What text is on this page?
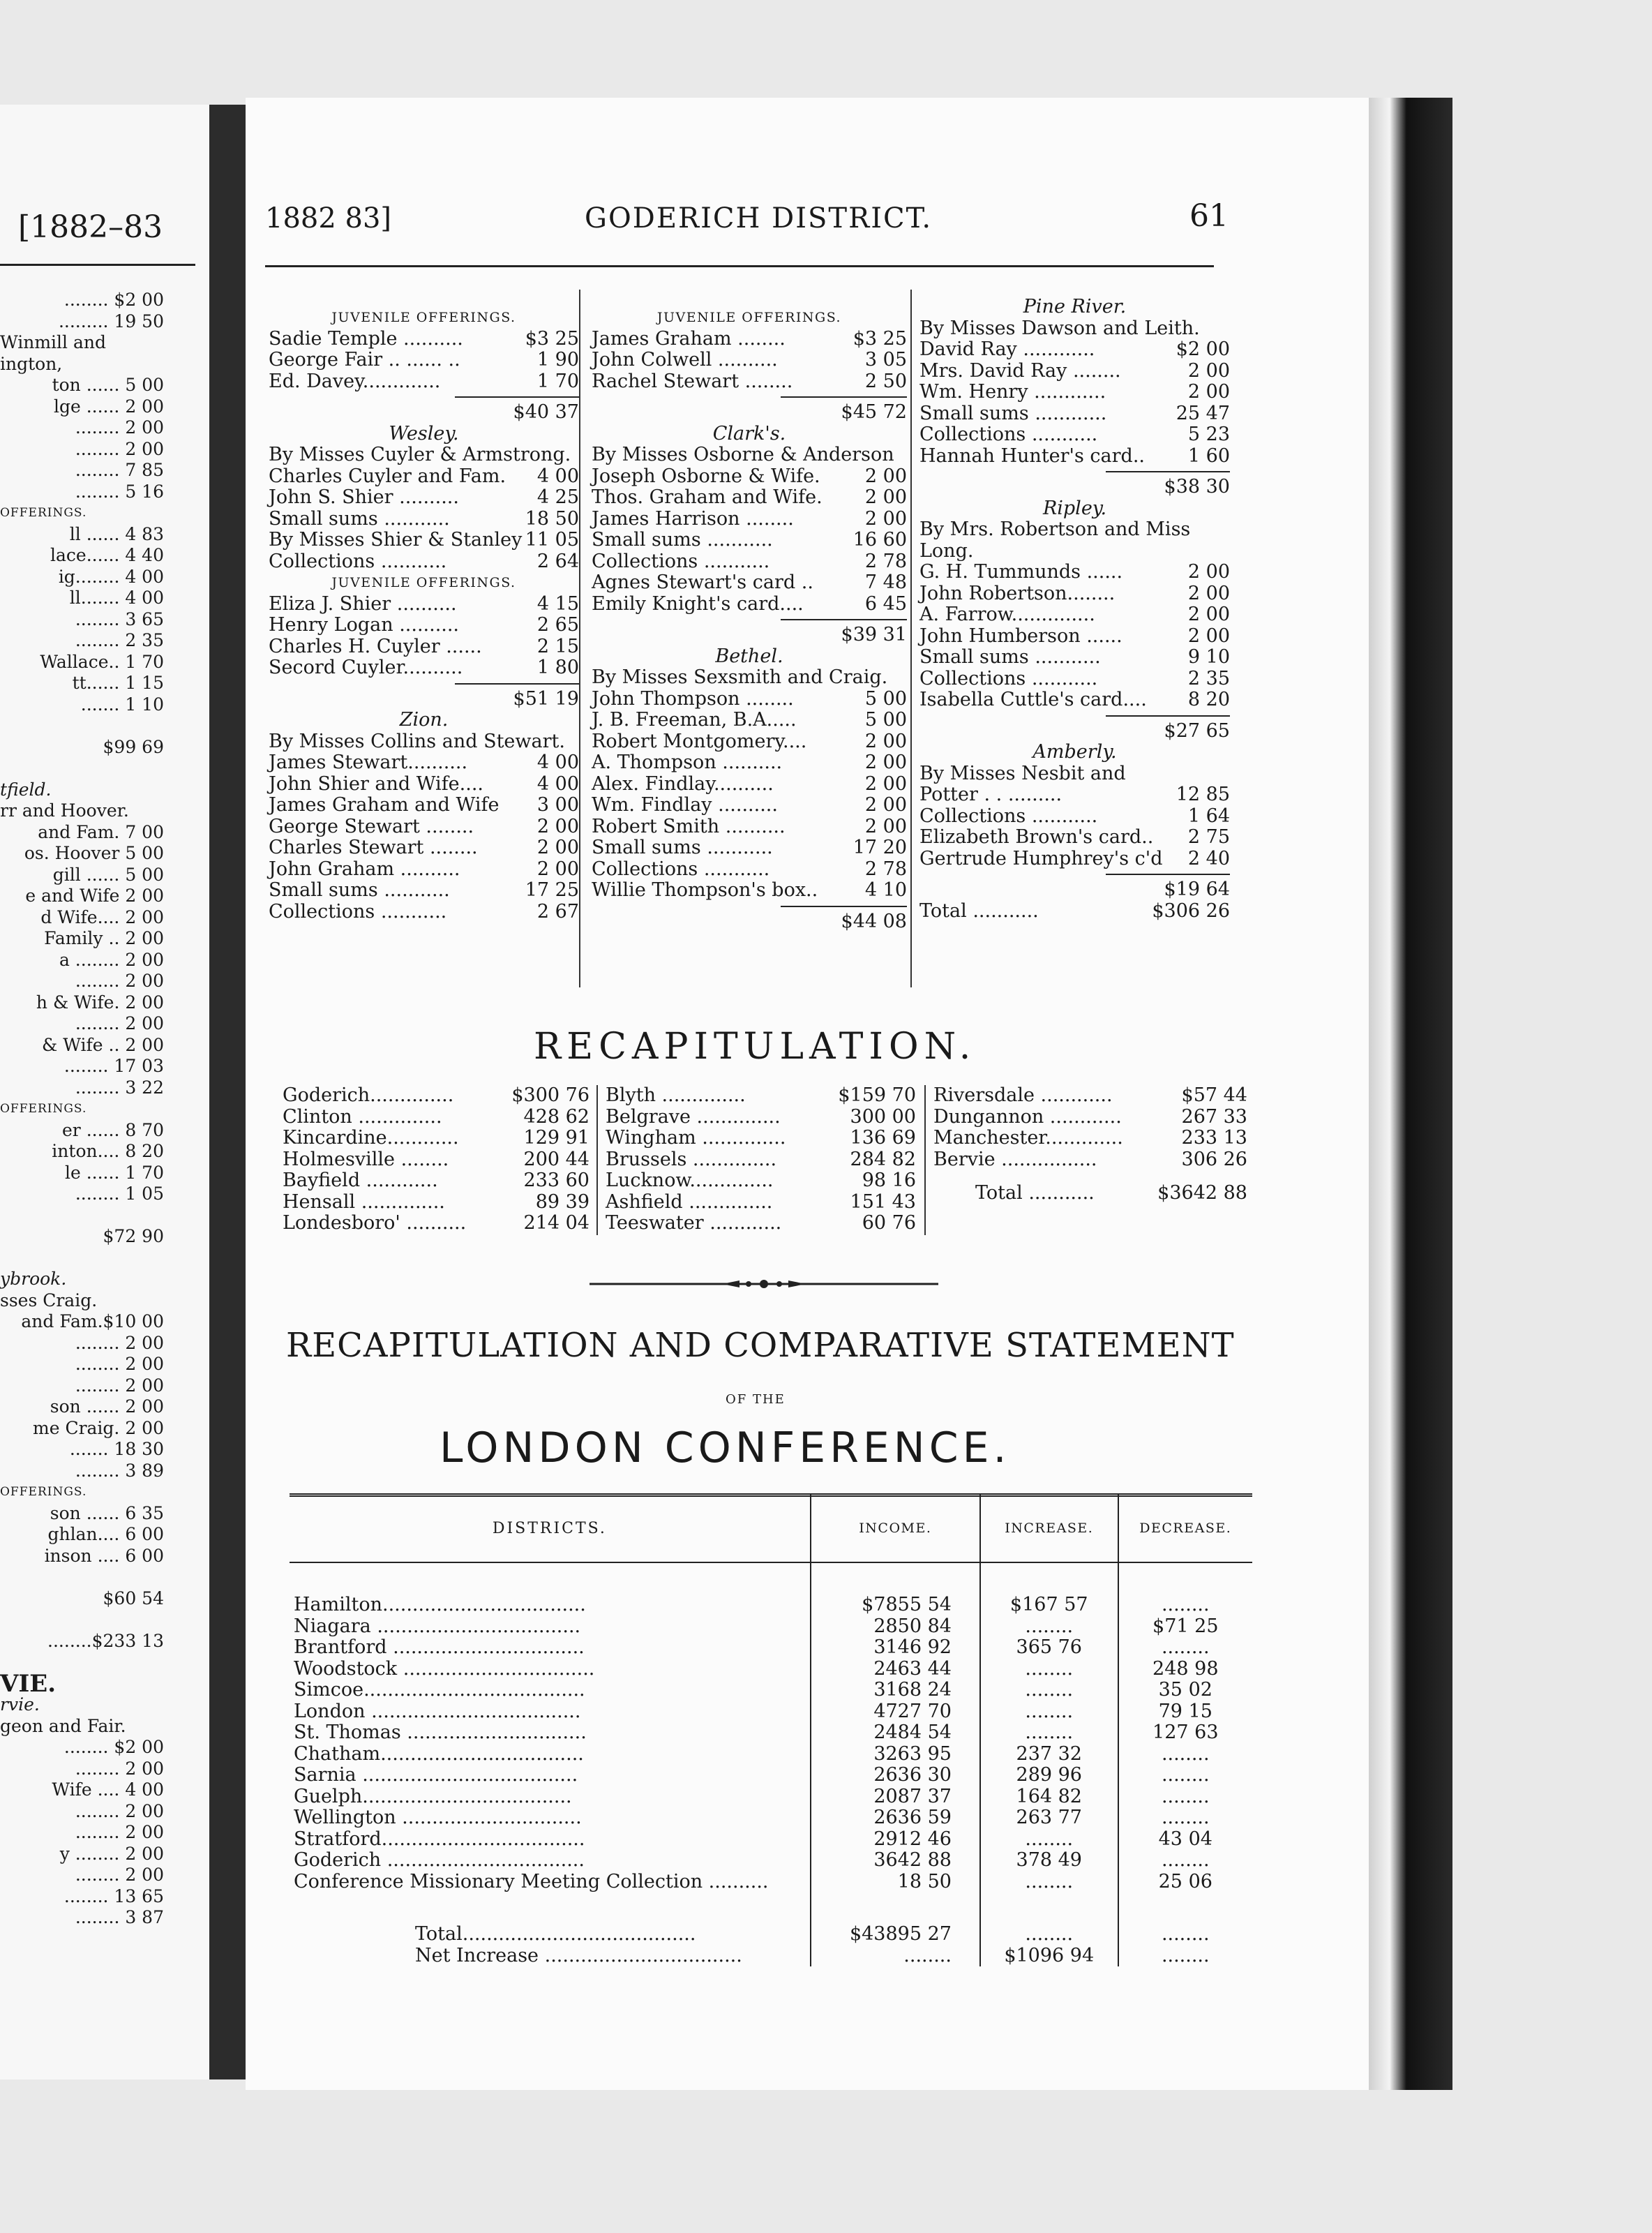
[1882–83
........ $2 00
......... 19 50
Winmill and
ington,
ton ...... 5 00
lge ...... 2 00
........ 2 00
........ 2 00
........ 7 85
........ 5 16
OFFERINGS.
ll ...... 4 83
lace...... 4 40
ig........ 4 00
ll....... 4 00
........ 3 65
........ 2 35
Wallace.. 1 70
tt...... 1 15
....... 1 10
$99 69
tfield.
rr and Hoover.
and Fam. 7 00
os. Hoover 5 00
gill ...... 5 00
e and Wife 2 00
d Wife.... 2 00
Family .. 2 00
a ........ 2 00
........ 2 00
h & Wife. 2 00
........ 2 00
& Wife .. 2 00
........ 17 03
........ 3 22
OFFERINGS.
er ...... 8 70
inton.... 8 20
le ...... 1 70
........ 1 05
$72 90
ybrook.
sses Craig.
and Fam.$10 00
........ 2 00
........ 2 00
........ 2 00
son ...... 2 00
me Craig. 2 00
....... 18 30
........ 3 89
OFFERINGS.
son ...... 6 35
ghlan.... 6 00
inson .... 6 00
$60 54
........$233 13
VIE.
rvie.
geon and Fair.
........ $2 00
........ 2 00
Wife .... 4 00
........ 2 00
........ 2 00
y ........ 2 00
........ 2 00
........ 13 65
........ 3 87
1882 83]	GODERICH DISTRICT.	61
JUVENILE OFFERINGS.
Sadie Temple ..........	$3 25
George Fair .. ...... ..	1 90
Ed. Davey.............	1 70
$40 37
Wesley.
By Misses Cuyler & Armstrong.
Charles Cuyler and Fam. 4 00
John S. Shier ..........	4 25
Small sums ...........	18 50
By Misses Shier & Stanley 11 05
Collections ...........	2 64
JUVENILE OFFERINGS.
Eliza J. Shier ..........	4 15
Henry Logan ..........	2 65
Charles H. Cuyler ......	2 15
Secord Cuyler..........	1 80
$51 19
Zion.
By Misses Collins and Stewart.
James Stewart..........	4 00
John Shier and Wife....	4 00
James Graham and Wife 3 00
George Stewart ........	2 00
Charles Stewart ........	2 00
John Graham ..........	2 00
Small sums ...........	17 25
Collections ...........	2 67
JUVENILE OFFERINGS.
James Graham ........	$3 25
John Colwell ..........	3 05
Rachel Stewart ........	2 50
$45 72
Clark's.
By Misses Osborne & Anderson
Joseph Osborne & Wife. 2 00
Thos. Graham and Wife. 2 00
James Harrison ........	2 00
Small sums ...........	16 60
Collections ...........	2 78
Agnes Stewart's card ..	7 48
Emily Knight's card....	6 45
$39 31
Bethel.
By Misses Sexsmith and Craig.
John Thompson ........	5 00
J. B. Freeman, B.A.....	5 00
Robert Montgomery....	2 00
A. Thompson ..........	2 00
Alex. Findlay..........	2 00
Wm. Findlay ..........	2 00
Robert Smith ..........	2 00
Small sums ...........	17 20
Collections ...........	2 78
Willie Thompson's box..	4 10
$44 08
Pine River.
By Misses Dawson and Leith.
David Ray ............	$2 00
Mrs. David Ray ........	2 00
Wm. Henry ............	2 00
Small sums ............	25 47
Collections ...........	5 23
Hannah Hunter's card.. 1 60
$38 30
Ripley.
By Mrs. Robertson and Miss
Long.
G. H. Tummunds ......	2 00
John Robertson........	2 00
A. Farrow..............	2 00
John Humberson ......	2 00
Small sums ...........	9 10
Collections ...........	2 35
Isabella Cuttle's card.... 8 20
$27 65
Amberly.
By Misses Nesbit and
Potter . . .........	12 85
Collections ...........	1 64
Elizabeth Brown's card.. 2 75
Gertrude Humphrey's c'd 2 40
$19 64
Total ...........	$306 26
RECAPITULATION.
Goderich..............	$300 76
Clinton ..............	428 62
Kincardine............	129 91
Holmesville ........	200 44
Bayfield ............	233 60
Hensall ..............	89 39
Londesboro' ..........	214 04
Blyth ..............	$159 70
Belgrave ..............	300 00
Wingham ..............	136 69
Brussels ..............	284 82
Lucknow..............	98 16
Ashfield ..............	151 43
Teeswater ............	60 76
Riversdale ............	$57 44
Dungannon ............	267 33
Manchester.............	233 13
Bervie ................	306 26
Total ...........	$3642 88
RECAPITULATION AND COMPARATIVE STATEMENT
OF THE
LONDON CONFERENCE.
DISTRICTS.	INCOME.	INCREASE.	DECREASE.

Hamilton..................................	$7855 54	$167 57	........
Niagara ..................................	2850 84	........	$71 25
Brantford ................................	3146 92	365 76	........
Woodstock ................................	2463 44	........	248 98
Simcoe.....................................	3168 24	........	35 02
London ...................................	4727 70	........	79 15
St. Thomas ..............................	2484 54	........	127 63
Chatham..................................	3263 95	237 32	........
Sarnia ....................................	2636 30	289 96	........
Guelph...................................	2087 37	164 82	........
Wellington ..............................	2636 59	263 77	........
Stratford..................................	2912 46	........	43 04
Goderich .................................	3642 88	378 49	........
Conference Missionary Meeting Collection ..........	18 50	........	25 06

Total.......................................	$43895 27	........	........
Net Increase .................................	........	$1096 94	........
